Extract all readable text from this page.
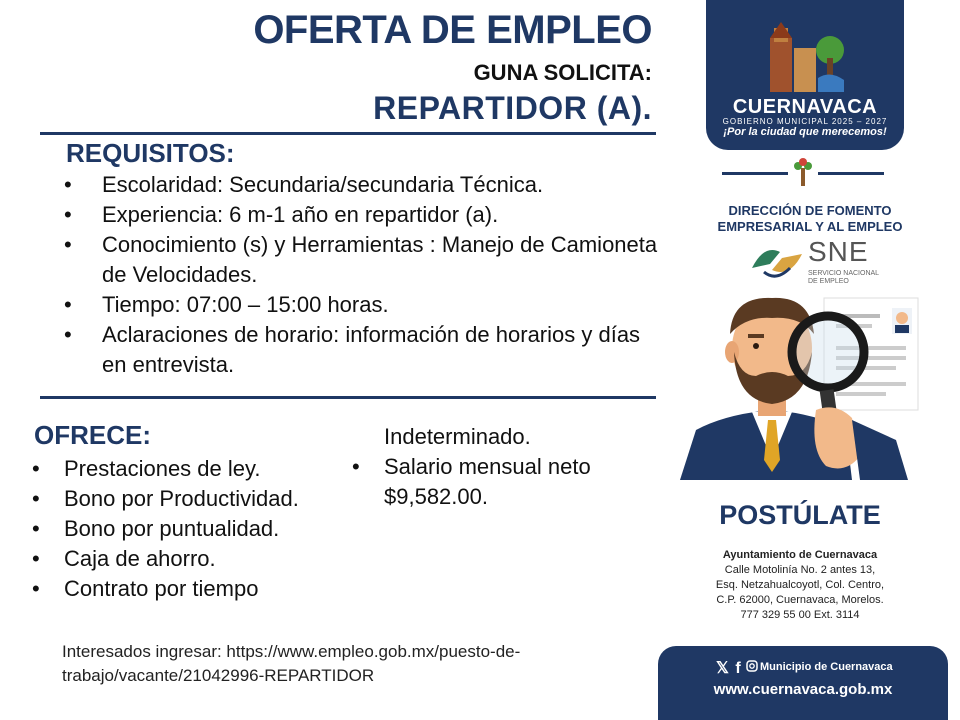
OFERTA DE EMPLEO
GUNA SOLICITA:
REPARTIDOR (A).
REQUISITOS:
• Escolaridad: Secundaria/secundaria Técnica.
• Experiencia: 6 m-1 año en repartidor (a).
• Conocimiento (s) y Herramientas : Manejo de Camioneta de Velocidades.
• Tiempo: 07:00 – 15:00 horas.
• Aclaraciones de horario: información de horarios y días en entrevista.
OFRECE:
• Prestaciones de ley.
• Bono por Productividad.
• Bono por puntualidad.
• Caja de ahorro.
• Contrato por tiempo
Indeterminado.
• Salario mensual neto $9,582.00.
Interesados ingresar: https://www.empleo.gob.mx/puesto-de-trabajo/vacante/21042996-REPARTIDOR
CUERNAVACA
GOBIERNO MUNICIPAL 2025 – 2027
¡Por la ciudad que merecemos!
DIRECCIÓN DE FOMENTO EMPRESARIAL Y AL EMPLEO
SNE
SERVICIO NACIONAL
DE EMPLEO
POSTÚLATE
Ayuntamiento de Cuernavaca
Calle Motolinía No. 2 antes 13,
Esq. Netzahualcoyotl, Col. Centro,
C.P. 62000, Cuernavaca, Morelos.
777 329 55 00 Ext. 3114
𝕏 f Municipio de Cuernavaca
www.cuernavaca.gob.mx
